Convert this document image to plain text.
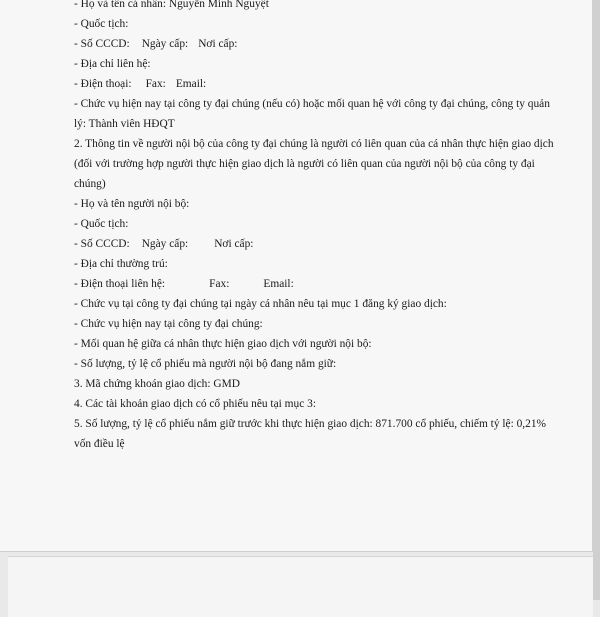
- Họ và tên cá nhân: Nguyễn Minh Nguyệt
- Quốc tịch:
- Số CCCD: Ngày cấp: Nơi cấp:
- Địa chỉ liên hệ:
- Điện thoại: Fax: Email:
- Chức vụ hiện nay tại công ty đại chúng (nếu có) hoặc mối quan hệ với công ty đại chúng, công ty quản lý: Thành viên HĐQT
2. Thông tin về người nội bộ của công ty đại chúng là người có liên quan của cá nhân thực hiện giao dịch (đối với trường hợp người thực hiện giao dịch là người có liên quan của người nội bộ của công ty đại chúng)
- Họ và tên người nội bộ:
- Quốc tịch:
- Số CCCD: Ngày cấp: Nơi cấp:
- Địa chỉ thường trú:
- Điện thoại liên hệ:	Fax:	Email:
- Chức vụ tại công ty đại chúng tại ngày cá nhân nêu tại mục 1 đăng ký giao dịch:
- Chức vụ hiện nay tại công ty đại chúng:
- Mối quan hệ giữa cá nhân thực hiện giao dịch với người nội bộ:
- Số lượng, tỷ lệ cổ phiếu mà người nội bộ đang nắm giữ:
3. Mã chứng khoán giao dịch: GMD
4. Các tài khoản giao dịch có cổ phiếu nêu tại mục 3:
5. Số lượng, tỷ lệ cổ phiếu nắm giữ trước khi thực hiện giao dịch: 871.700 cổ phiếu, chiếm tỷ lệ: 0,21% vốn điều lệ
